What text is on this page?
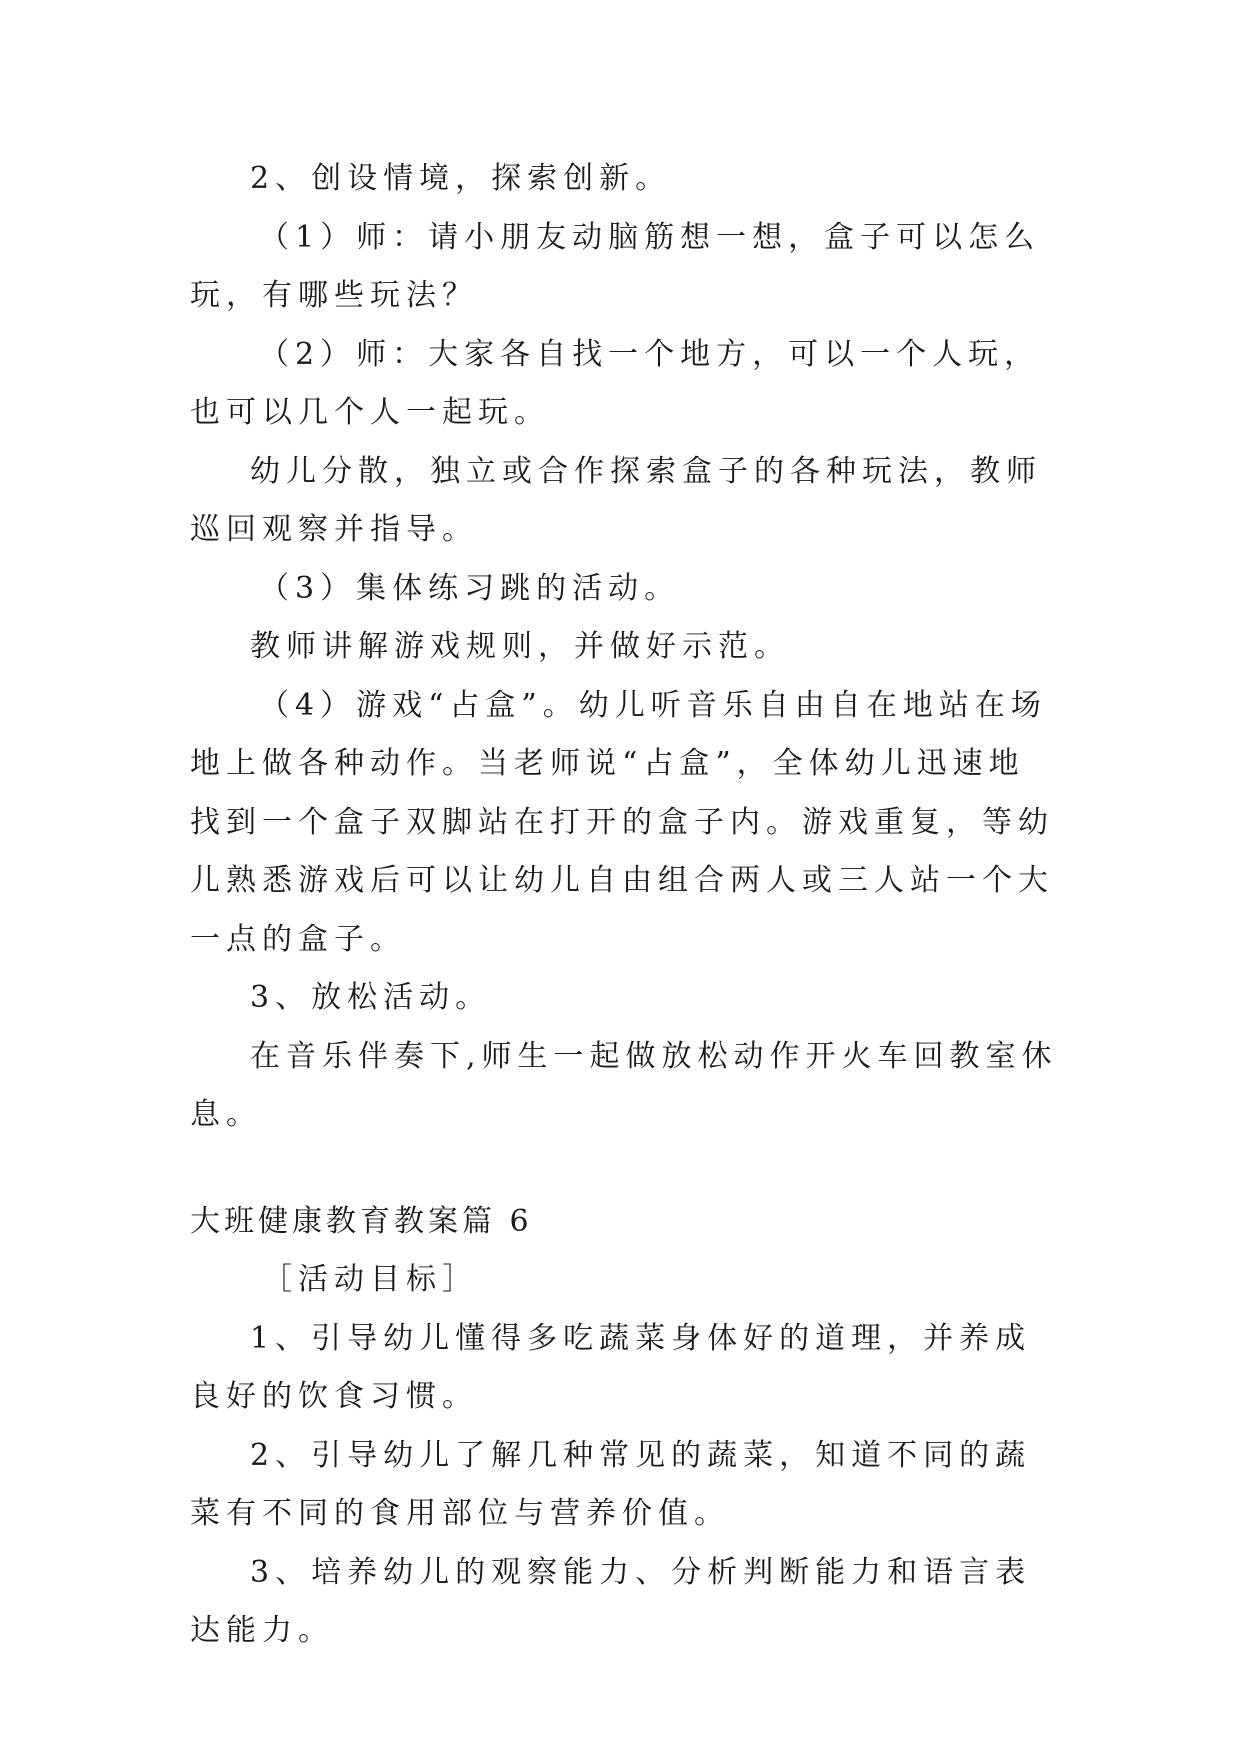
2、创设情境，探索创新。

（1）师：请小朋友动脑筋想一想，盒子可以怎么玩，有哪些玩法？

（2）师：大家各自找一个地方，可以一个人玩，也可以几个人一起玩。

幼儿分散，独立或合作探索盒子的各种玩法，教师巡回观察并指导。

（3）集体练习跳的活动。

教师讲解游戏规则，并做好示范。

（4）游戏“占盒”。幼儿听音乐自由自在地站在场地上做各种动作。当老师说“占盒”，全体幼儿迅速地找到一个盒子双脚站在打开的盒子内。游戏重复，等幼儿熟悉游戏后可以让幼儿自由组合两人或三人站一个大一点的盒子。

3、放松活动。

在音乐伴奏下,师生一起做放松动作开火车回教室休息。

大班健康教育教案篇 6

［活动目标］

1、引导幼儿懂得多吃蔬菜身体好的道理，并养成良好的饮食习惯。

2、引导幼儿了解几种常见的蔬菜，知道不同的蔬菜有不同的食用部位与营养价值。

3、培养幼儿的观察能力、分析判断能力和语言表达能力。
